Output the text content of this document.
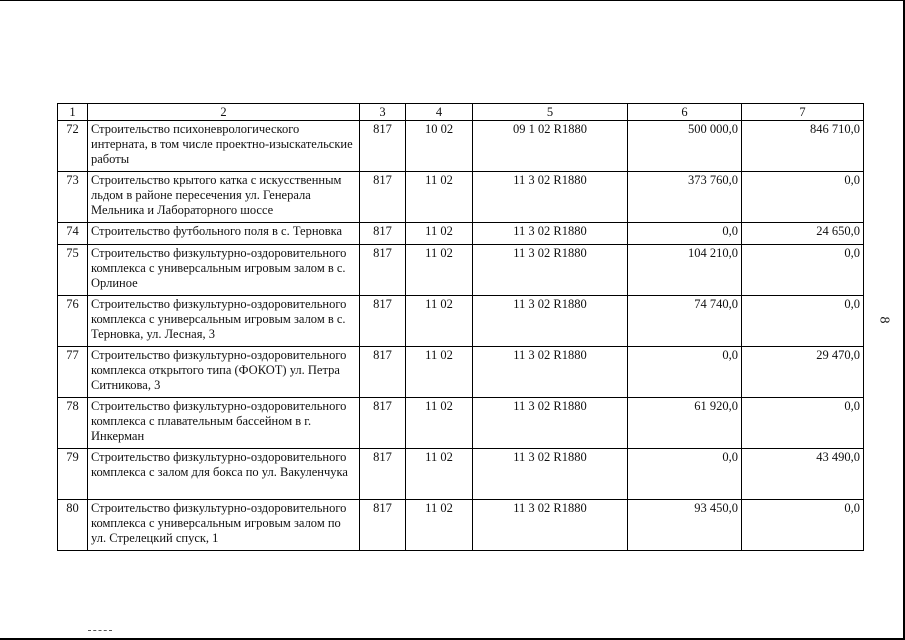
1	2	3	4	5	6	7
72	Строительство психоневрологического интерната, в том числе проектно-изыскательские работы	817	10 02	09 1 02 R1880	500 000,0	846 710,0
73	Строительство крытого катка с искусственным льдом в районе пересечения ул. Генерала Мельника и Лабораторного шоссе	817	11 02	11 3 02 R1880	373 760,0	0,0
74	Строительство футбольного поля в с. Терновка	817	11 02	11 3 02 R1880	0,0	24 650,0
75	Строительство физкультурно-оздоровительного комплекса с универсальным игровым залом в с. Орлиное	817	11 02	11 3 02 R1880	104 210,0	0,0
76	Строительство физкультурно-оздоровительного комплекса с универсальным игровым залом в с. Терновка, ул. Лесная, 3	817	11 02	11 3 02 R1880	74 740,0	0,0
77	Строительство физкультурно-оздоровительного комплекса открытого типа (ФОКОТ) ул. Петра Ситникова, 3	817	11 02	11 3 02 R1880	0,0	29 470,0
78	Строительство физкультурно-оздоровительного комплекса с плавательным бассейном в г. Инкерман	817	11 02	11 3 02 R1880	61 920,0	0,0
79	Строительство физкультурно-оздоровительного комплекса с залом для бокса по ул. Вакуленчука	817	11 02	11 3 02 R1880	0,0	43 490,0
80	Строительство физкультурно-оздоровительного комплекса с универсальным игровым залом по ул. Стрелецкий спуск, 1	817	11 02	11 3 02 R1880	93 450,0	0,0
8
